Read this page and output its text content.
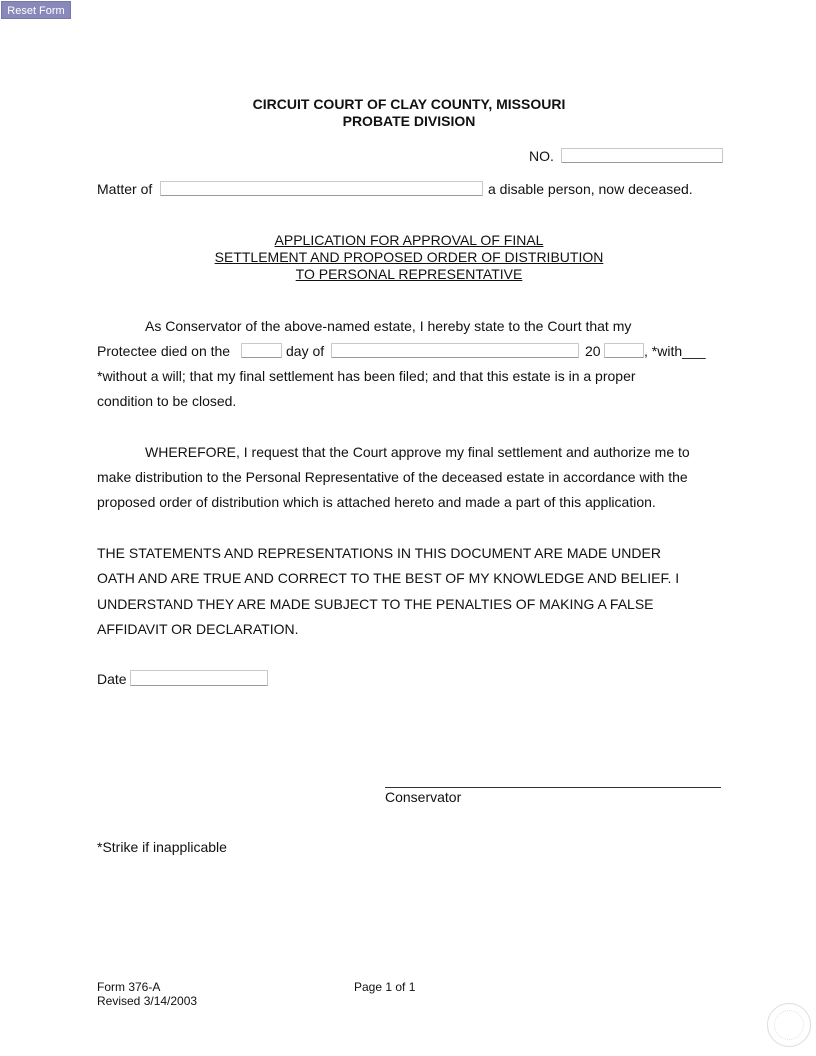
Reset Form
CIRCUIT COURT OF CLAY COUNTY, MISSOURI
PROBATE DIVISION
NO.
Matter of	a disable person, now deceased.
APPLICATION FOR APPROVAL OF FINAL
SETTLEMENT AND PROPOSED ORDER OF DISTRIBUTION
TO PERSONAL REPRESENTATIVE
As Conservator of the above-named estate, I hereby state to the Court that my
Protectee died on the	day of	20	, *with___
*without a will; that my final settlement has been filed; and that this estate is in a proper
condition to be closed.
WHEREFORE, I request that the Court approve my final settlement and authorize me to
make distribution to the Personal Representative of the deceased estate in accordance with the
proposed order of distribution which is attached hereto and made a part of this application.
THE STATEMENTS AND REPRESENTATIONS IN THIS DOCUMENT ARE MADE UNDER
OATH AND ARE TRUE AND CORRECT TO THE BEST OF MY KNOWLEDGE AND BELIEF. I
UNDERSTAND THEY ARE MADE SUBJECT TO THE PENALTIES OF MAKING A FALSE
AFFIDAVIT OR DECLARATION.
Date
Conservator
*Strike if inapplicable
Form 376-A
Revised 3/14/2003
Page 1 of 1
